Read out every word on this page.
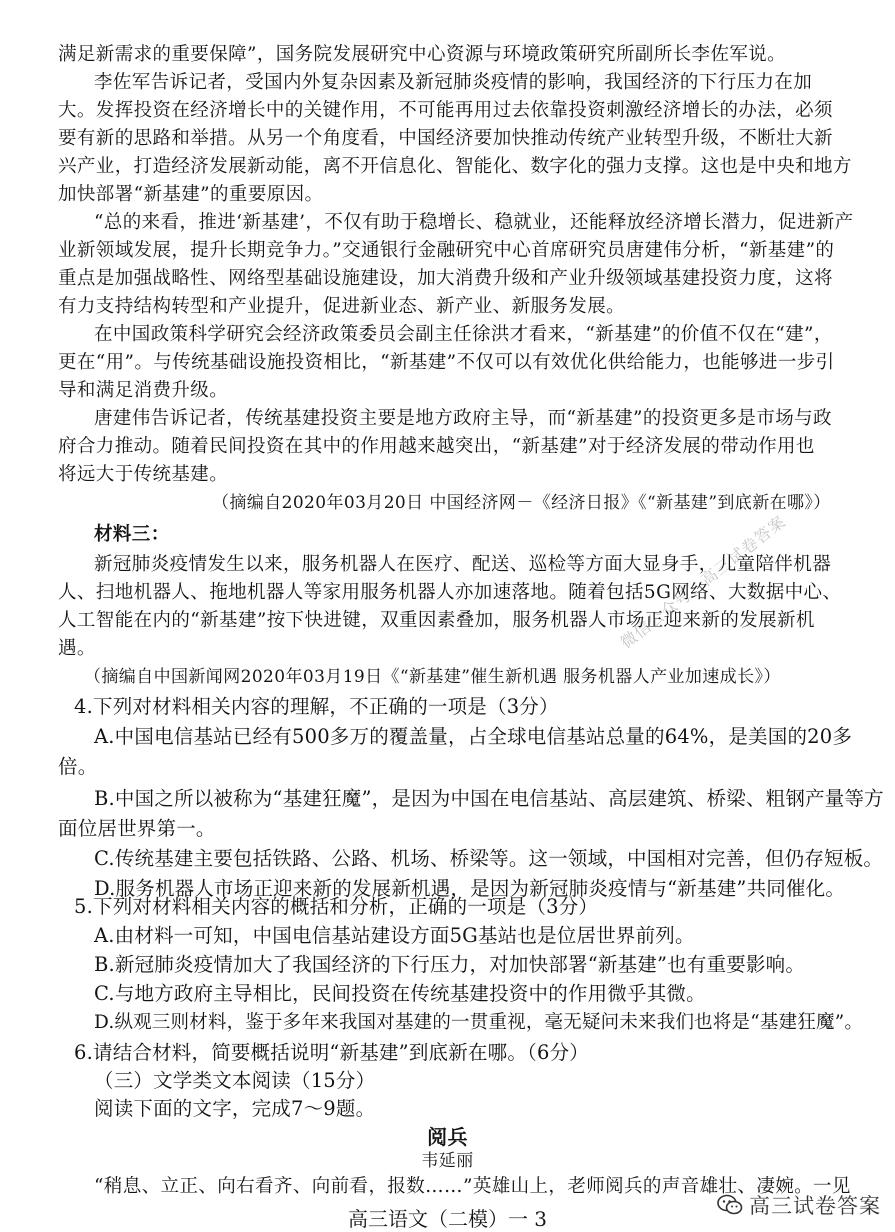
满足新需求的重要保障”，国务院发展研究中心资源与环境政策研究所副所长李佐军说。
李佐军告诉记者，受国内外复杂因素及新冠肺炎疫情的影响，我国经济的下行压力在加
大。发挥投资在经济增长中的关键作用，不可能再用过去依靠投资刺激经济增长的办法，必须
要有新的思路和举措。从另一个角度看，中国经济要加快推动传统产业转型升级，不断壮大新
兴产业，打造经济发展新动能，离不开信息化、智能化、数字化的强力支撑。这也是中央和地方
加快部署“新基建”的重要原因。
“总的来看，推进‘新基建’，不仅有助于稳增长、稳就业，还能释放经济增长潜力，促进新产
业新领域发展，提升长期竞争力。”交通银行金融研究中心首席研究员唐建伟分析，“新基建”的
重点是加强战略性、网络型基础设施建设，加大消费升级和产业升级领域基建投资力度，这将
有力支持结构转型和产业提升，促进新业态、新产业、新服务发展。
在中国政策科学研究会经济政策委员会副主任徐洪才看来，“新基建”的价值不仅在“建”，
更在“用”。与传统基础设施投资相比，“新基建”不仅可以有效优化供给能力，也能够进一步引
导和满足消费升级。
唐建伟告诉记者，传统基建投资主要是地方政府主导，而“新基建”的投资更多是市场与政
府合力推动。随着民间投资在其中的作用越来越突出，“新基建”对于经济发展的带动作用也
将远大于传统基建。
（摘编自2020年03月20日 中国经济网－《经济日报》《“新基建”到底新在哪》）
材料三：
新冠肺炎疫情发生以来，服务机器人在医疗、配送、巡检等方面大显身手，儿童陪伴机器
人、扫地机器人、拖地机器人等家用服务机器人亦加速落地。随着包括5G网络、大数据中心、
人工智能在内的“新基建”按下快进键，双重因素叠加，服务机器人市场正迎来新的发展新机
遇。
（摘编自中国新闻网2020年03月19日《“新基建”催生新机遇 服务机器人产业加速成长》）
4.下列对材料相关内容的理解，不正确的一项是（3分）
A.中国电信基站已经有500多万的覆盖量，占全球电信基站总量的64%，是美国的20多
倍。
B.中国之所以被称为“基建狂魔”，是因为中国在电信基站、高层建筑、桥梁、粗钢产量等方
面位居世界第一。
C.传统基建主要包括铁路、公路、机场、桥梁等。这一领域，中国相对完善，但仍存短板。
D.服务机器人市场正迎来新的发展新机遇，是因为新冠肺炎疫情与“新基建”共同催化。
5.下列对材料相关内容的概括和分析，正确的一项是（3分）
A.由材料一可知，中国电信基站建设方面5G基站也是位居世界前列。
B.新冠肺炎疫情加大了我国经济的下行压力，对加快部署“新基建”也有重要影响。
C.与地方政府主导相比，民间投资在传统基建投资中的作用微乎其微。
D.纵观三则材料，鉴于多年来我国对基建的一贯重视，毫无疑问未来我们也将是“基建狂魔”。
6.请结合材料，简要概括说明“新基建”到底新在哪。（6分）
（三）文学类文本阅读（15分）
阅读下面的文字，完成7～9题。
阅兵
韦延丽
“稍息、立正、向右看齐、向前看，报数……”英雄山上，老师阅兵的声音雄壮、凄婉。一见
微信公众号：高三试卷答案
高三试卷答案
高三语文（二模）一 3
